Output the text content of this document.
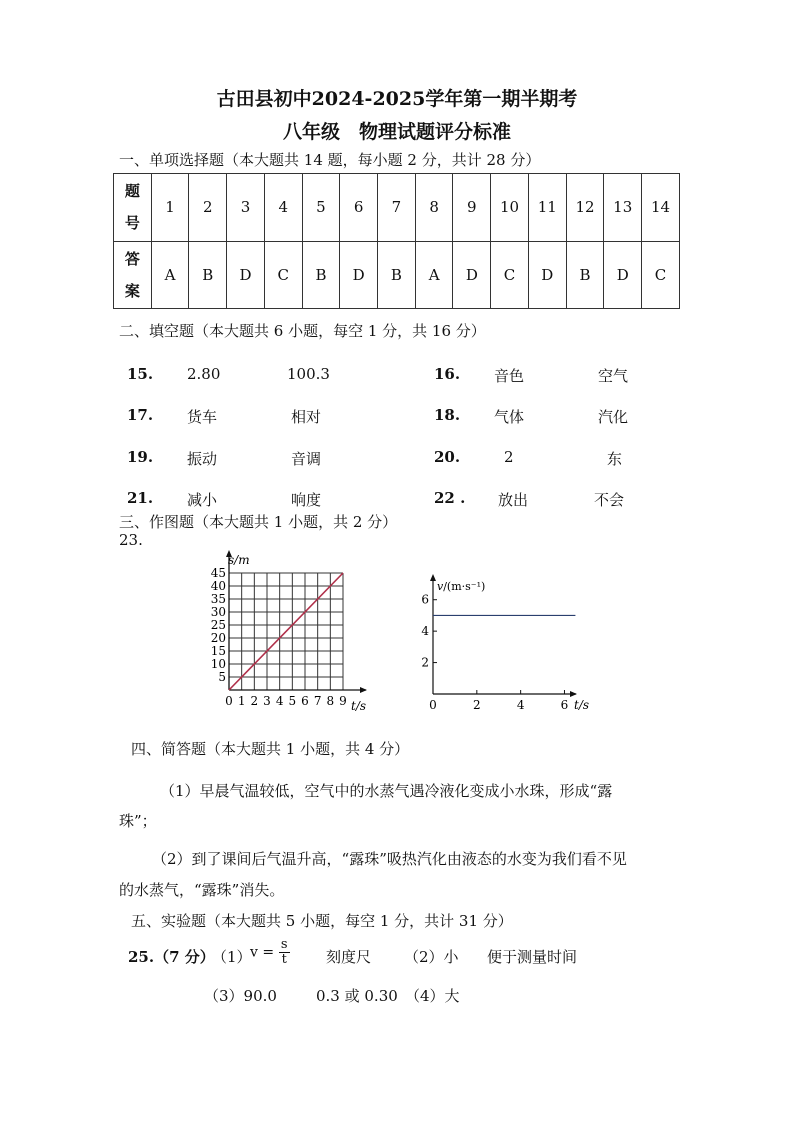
古田县初中2024-2025学年第一期半期考
八年级　物理试题评分标准
一、单项选择题（本大题共 14 题，每小题 2 分，共计 28 分）
题
号	1	2	3	4	5	6	7	8	9	10	11	12	13	14

答
案	A	B	D	C	B	D	B	A	D	C	D	B	D	C
二、填空题（本大题共 6 小题，每空 1 分，共 16 分）
15. 2.80	100.3	16. 音色	空气
17. 货车	相对	18. 气体	汽化
19. 振动	音调	20.	2	东
21. 减小	响度	22 . 放出	不会
三、作图题（本大题共 1 小题，共 2 分）
23.
0 1 2 3 4 5 6 7 8 9
5
10
15
20
25
30
35
40
45
s/m
t/s	0	2	4	6
2
4
6
v/(m·s⁻¹)
t/s
四、简答题（本大题共 1 小题，共 4 分）
（1）早晨气温较低，空气中的水蒸气遇冷液化变成小水珠，形成“露
珠”；
（2）到了课间后气温升高，“露珠”吸热汽化由液态的水变为我们看不见
的水蒸气，“露珠”消失。
五、实验题（本大题共 5 小题，每空 1 分，共计 31 分）
25.（7 分）
（1）
$v = \frac{s}{t}$ 刻度尺 （2）小 便于测量时间
（3）90.0	0.3 或 0.30 （4）大
